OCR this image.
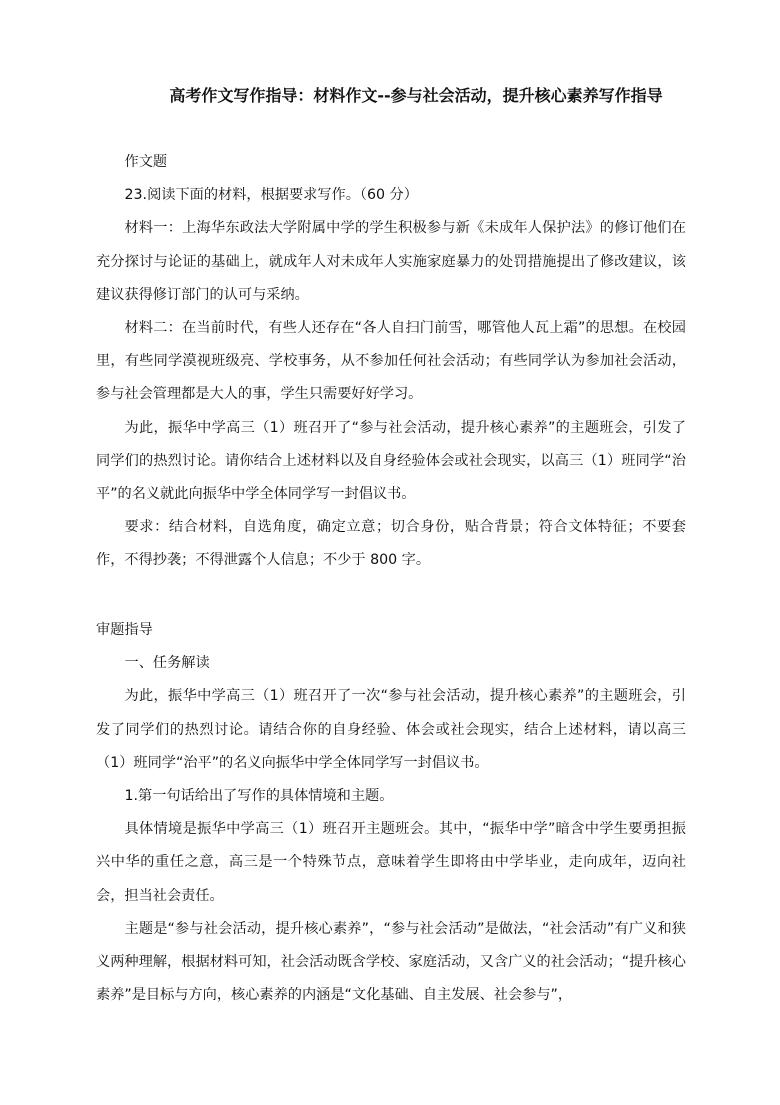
高考作文写作指导：材料作文--参与社会活动，提升核心素养写作指导

作文题

23.阅读下面的材料，根据要求写作。（60 分）

材料一：上海华东政法大学附属中学的学生积极参与新《未成年人保护法》的修订他们在充分探讨与论证的基础上，就成年人对未成年人实施家庭暴力的处罚措施提出了修改建议，该建议获得修订部门的认可与采纳。

材料二：在当前时代，有些人还存在“各人自扫门前雪，哪管他人瓦上霜”的思想。在校园里，有些同学漠视班级亮、学校事务，从不参加任何社会活动；有些同学认为参加社会活动，参与社会管理都是大人的事，学生只需要好好学习。

为此，振华中学高三（1）班召开了“参与社会活动，提升核心素养”的主题班会，引发了同学们的热烈讨论。请你结合上述材料以及自身经验体会或社会现实，以高三（1）班同学“治平”的名义就此向振华中学全体同学写一封倡议书。

要求：结合材料，自选角度，确定立意；切合身份，贴合背景；符合文体特征；不要套作，不得抄袭；不得泄露个人信息；不少于 800 字。

审题指导

一、任务解读

为此，振华中学高三（1）班召开了一次“参与社会活动，提升核心素养”的主题班会，引发了同学们的热烈讨论。请结合你的自身经验、体会或社会现实，结合上述材料，请以高三（1）班同学“治平”的名义向振华中学全体同学写一封倡议书。

1.第一句话给出了写作的具体情境和主题。

具体情境是振华中学高三（1）班召开主题班会。其中，“振华中学”暗含中学生要勇担振兴中华的重任之意，高三是一个特殊节点，意味着学生即将由中学毕业，走向成年，迈向社会，担当社会责任。

主题是“参与社会活动，提升核心素养”，“参与社会活动”是做法，“社会活动”有广义和狭义两种理解，根据材料可知，社会活动既含学校、家庭活动，又含广义的社会活动；“提升核心素养”是目标与方向，核心素养的内涵是“文化基础、自主发展、社会参与”，
